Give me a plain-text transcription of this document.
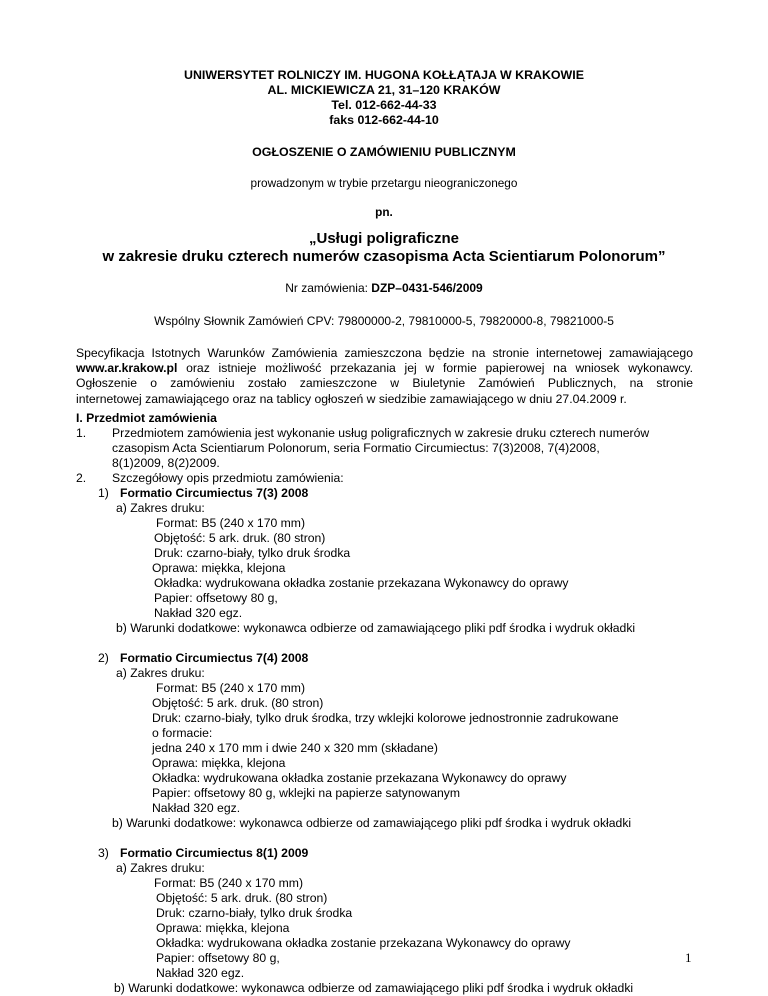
UNIWERSYTET ROLNICZY IM. HUGONA KOŁŁĄTAJA W KRAKOWIE
AL. MICKIEWICZA 21, 31–120 KRAKÓW
Tel. 012-662-44-33
faks 012-662-44-10
OGŁOSZENIE O ZAMÓWIENIU PUBLICZNYM
prowadzonym w trybie przetargu nieograniczonego
pn.
„Usługi poligraficzne
w zakresie druku czterech numerów czasopisma Acta Scientiarum Polonorum”
Nr zamówienia: DZP–0431-546/2009
Wspólny Słownik Zamówień CPV: 79800000-2, 79810000-5, 79820000-8, 79821000-5
Specyfikacja Istotnych Warunków Zamówienia zamieszczona będzie na stronie internetowej zamawiającego
www.ar.krakow.pl oraz istnieje możliwość przekazania jej w formie papierowej na wniosek wykonawcy.
Ogłoszenie o zamówieniu zostało zamieszczone w Biuletynie Zamówień Publicznych, na stronie
internetowej zamawiającego oraz na tablicy ogłoszeń w siedzibie zamawiającego w dniu 27.04.2009 r.
I. Przedmiot zamówienia
1. Przedmiotem zamówienia jest wykonanie usług poligraficznych w zakresie druku czterech numerów
czasopism Acta Scientiarum Polonorum, seria Formatio Circumiectus: 7(3)2008, 7(4)2008,
8(1)2009, 8(2)2009.
2. Szczegółowy opis przedmiotu zamówienia:
1) Formatio Circumiectus 7(3) 2008
a) Zakres druku:
Format: B5 (240 x 170 mm)
Objętość: 5 ark. druk. (80 stron)
Druk: czarno-biały, tylko druk środka
Oprawa: miękka, klejona
Okładka: wydrukowana okładka zostanie przekazana Wykonawcy do oprawy
Papier: offsetowy 80 g,
Nakład 320 egz.
b) Warunki dodatkowe: wykonawca odbierze od zamawiającego pliki pdf środka i wydruk okładki
2) Formatio Circumiectus 7(4) 2008
a) Zakres druku:
Format: B5 (240 x 170 mm)
Objętość: 5 ark. druk. (80 stron)
Druk: czarno-biały, tylko druk środka, trzy wklejki kolorowe jednostronnie zadrukowane
o formacie:
jedna 240 x 170 mm i dwie 240 x 320 mm (składane)
Oprawa: miękka, klejona
Okładka: wydrukowana okładka zostanie przekazana Wykonawcy do oprawy
Papier: offsetowy 80 g, wklejki na papierze satynowanym
Nakład 320 egz.
b) Warunki dodatkowe: wykonawca odbierze od zamawiającego pliki pdf środka i wydruk okładki
3) Formatio Circumiectus 8(1) 2009
a) Zakres druku:
Format: B5 (240 x 170 mm)
Objętość: 5 ark. druk. (80 stron)
Druk: czarno-biały, tylko druk środka
Oprawa: miękka, klejona
Okładka: wydrukowana okładka zostanie przekazana Wykonawcy do oprawy
Papier: offsetowy 80 g,
Nakład 320 egz.
b) Warunki dodatkowe: wykonawca odbierze od zamawiającego pliki pdf środka i wydruk okładki
1
